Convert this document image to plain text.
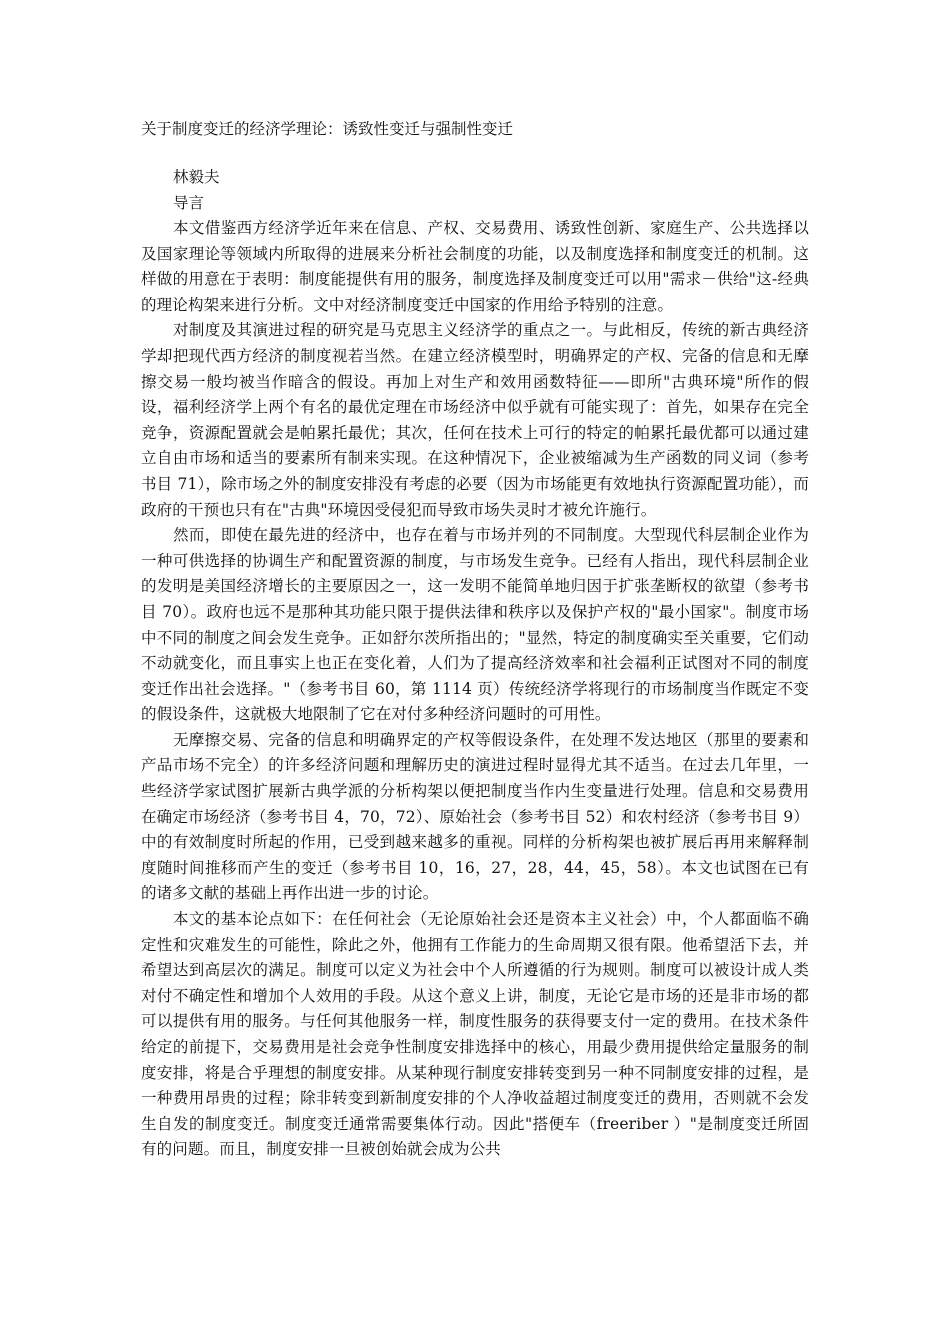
关于制度变迁的经济学理论：诱致性变迁与强制性变迁
林毅夫
导言

本文借鉴西方经济学近年来在信息、产权、交易费用、诱致性创新、家庭生产、公共选择以及国家理论等领域内所取得的进展来分析社会制度的功能，以及制度选择和制度变迁的机制。这样做的用意在于表明：制度能提供有用的服务，制度选择及制度变迁可以用"需求－供给"这-经典的理论构架来进行分析。文中对经济制度变迁中国家的作用给予特别的注意。

对制度及其演进过程的研究是马克思主义经济学的重点之一。与此相反，传统的新古典经济学却把现代西方经济的制度视若当然。在建立经济模型时，明确界定的产权、完备的信息和无摩擦交易一般均被当作暗含的假设。再加上对生产和效用函数特征——即所"古典环境"所作的假设，福利经济学上两个有名的最优定理在市场经济中似乎就有可能实现了：首先，如果存在完全竞争，资源配置就会是帕累托最优；其次，任何在技术上可行的特定的帕累托最优都可以通过建立自由市场和适当的要素所有制来实现。在这种情况下，企业被缩减为生产函数的同义词（参考书目 71），除市场之外的制度安排没有考虑的必要（因为市场能更有效地执行资源配置功能），而政府的干预也只有在"古典"环境因受侵犯而导致市场失灵时才被允许施行。

然而，即使在最先进的经济中，也存在着与市场并列的不同制度。大型现代科层制企业作为一种可供选择的协调生产和配置资源的制度，与市场发生竞争。已经有人指出，现代科层制企业的发明是美国经济增长的主要原因之一，这一发明不能简单地归因于扩张垄断权的欲望（参考书目 70）。政府也远不是那种其功能只限于提供法律和秩序以及保护产权的"最小国家"。制度市场中不同的制度之间会发生竞争。正如舒尔茨所指出的；"显然，特定的制度确实至关重要，它们动不动就变化，而且事实上也正在变化着，人们为了提高经济效率和社会福利正试图对不同的制度变迁作出社会选择。"（参考书目 60，第 1114 页）传统经济学将现行的市场制度当作既定不变的假设条件，这就极大地限制了它在对付多种经济问题时的可用性。

无摩擦交易、完备的信息和明确界定的产权等假设条件，在处理不发达地区（那里的要素和产品市场不完全）的许多经济问题和理解历史的演进过程时显得尤其不适当。在过去几年里，一些经济学家试图扩展新古典学派的分析构架以便把制度当作内生变量进行处理。信息和交易费用在确定市场经济（参考书目 4，70，72）、原始社会（参考书目 52）和农村经济（参考书目 9）中的有效制度时所起的作用，已受到越来越多的重视。同样的分析构架也被扩展后再用来解释制度随时间推移而产生的变迁（参考书目 10，16，27，28，44，45，58）。本文也试图在已有的诸多文献的基础上再作出进一步的讨论。

本文的基本论点如下：在任何社会（无论原始社会还是资本主义社会）中，个人都面临不确定性和灾难发生的可能性，除此之外，他拥有工作能力的生命周期又很有限。他希望活下去，并希望达到高层次的满足。制度可以定义为社会中个人所遵循的行为规则。制度可以被设计成人类对付不确定性和增加个人效用的手段。从这个意义上讲，制度，无论它是市场的还是非市场的都可以提供有用的服务。与任何其他服务一样，制度性服务的获得要支付一定的费用。在技术条件给定的前提下，交易费用是社会竞争性制度安排选择中的核心，用最少费用提供给定量服务的制度安排，将是合乎理想的制度安排。从某种现行制度安排转变到另一种不同制度安排的过程，是一种费用昂贵的过程；除非转变到新制度安排的个人净收益超过制度变迁的费用，否则就不会发生自发的制度变迁。制度变迁通常需要集体行动。因此"搭便车（freeriber ）"是制度变迁所固有的问题。而且，制度安排一旦被创始就会成为公共
